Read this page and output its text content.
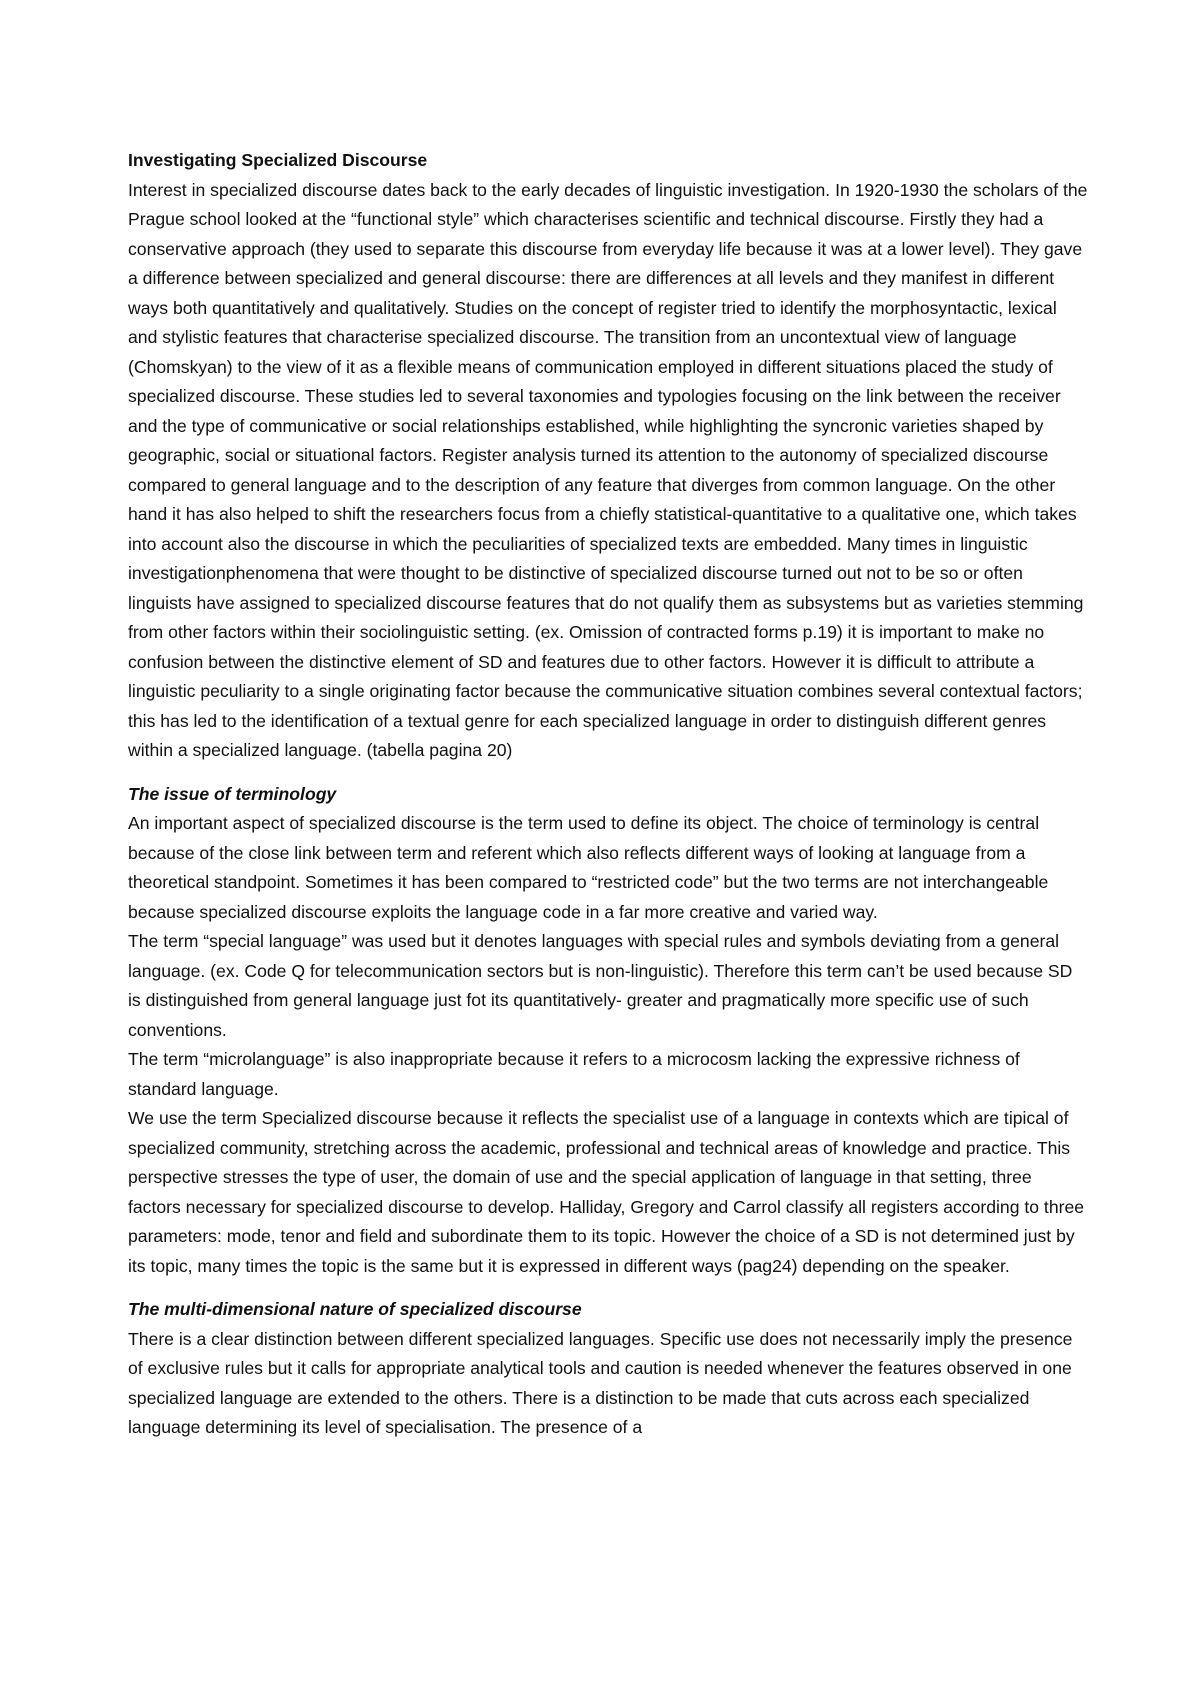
Investigating Specialized Discourse

Interest in specialized discourse dates back to the early decades of linguistic investigation. In 1920-1930 the scholars of the Prague school looked at the “functional style” which characterises scientific and technical discourse. Firstly they had a conservative approach (they used to separate this discourse from everyday life because it was at a lower level). They gave a difference between specialized and general discourse: there are differences at all levels and they manifest in different ways both quantitatively and qualitatively. Studies on the concept of register tried to identify the morphosyntactic, lexical and stylistic features that characterise specialized discourse. The transition from an uncontextual view of language (Chomskyan) to the view of it as a flexible means of communication employed in different situations placed the study of specialized discourse. These studies led to several taxonomies and typologies focusing on the link between the receiver and the type of communicative or social relationships established, while highlighting the syncronic varieties shaped by geographic, social or situational factors. Register analysis turned its attention to the autonomy of specialized discourse compared to general language and to the description of any feature that diverges from common language. On the other hand it has also helped to shift the researchers focus from a chiefly statistical-quantitative to a qualitative one, which takes into account also the discourse in which the peculiarities of specialized texts are embedded. Many times in linguistic investigationphenomena that were thought to be distinctive of specialized discourse turned out not to be so or often linguists have assigned to specialized discourse features that do not qualify them as subsystems but as varieties stemming from other factors within their sociolinguistic setting. (ex. Omission of contracted forms p.19) it is important to make no confusion between the distinctive element of SD and features due to other factors. However it is difficult to attribute a linguistic peculiarity to a single originating factor because the communicative situation combines several contextual factors; this has led to the identification of a textual genre for each specialized language in order to distinguish different genres within a specialized language. (tabella pagina 20)

The issue of terminology

An important aspect of specialized discourse is the term used to define its object. The choice of terminology is central because of the close link between term and referent which also reflects different ways of looking at language from a theoretical standpoint. Sometimes it has been compared to “restricted code” but the two terms are not interchangeable because specialized discourse exploits the language code in a far more creative and varied way.

The term “special language” was used but it denotes languages with special rules and symbols deviating from a general language. (ex. Code Q for telecommunication sectors but is non-linguistic). Therefore this term can’t be used because SD is distinguished from general language just fot its quantitatively- greater and pragmatically more specific use of such conventions.

The term “microlanguage” is also inappropriate because it refers to a microcosm lacking the expressive richness of standard language.

We use the term Specialized discourse because it reflects the specialist use of a language in contexts which are tipical of specialized community, stretching across the academic, professional and technical areas of knowledge and practice. This perspective stresses the type of user, the domain of use and the special application of language in that setting, three factors necessary for specialized discourse to develop. Halliday, Gregory and Carrol classify all registers according to three parameters: mode, tenor and field and subordinate them to its topic. However the choice of a SD is not determined just by its topic, many times the topic is the same but it is expressed in different ways (pag24) depending on the speaker.

The multi-dimensional nature of specialized discourse

There is a clear distinction between different specialized languages. Specific use does not necessarily imply the presence of exclusive rules but it calls for appropriate analytical tools and caution is needed whenever the features observed in one specialized language are extended to the others. There is a distinction to be made that cuts across each specialized language determining its level of specialisation. The presence of a
